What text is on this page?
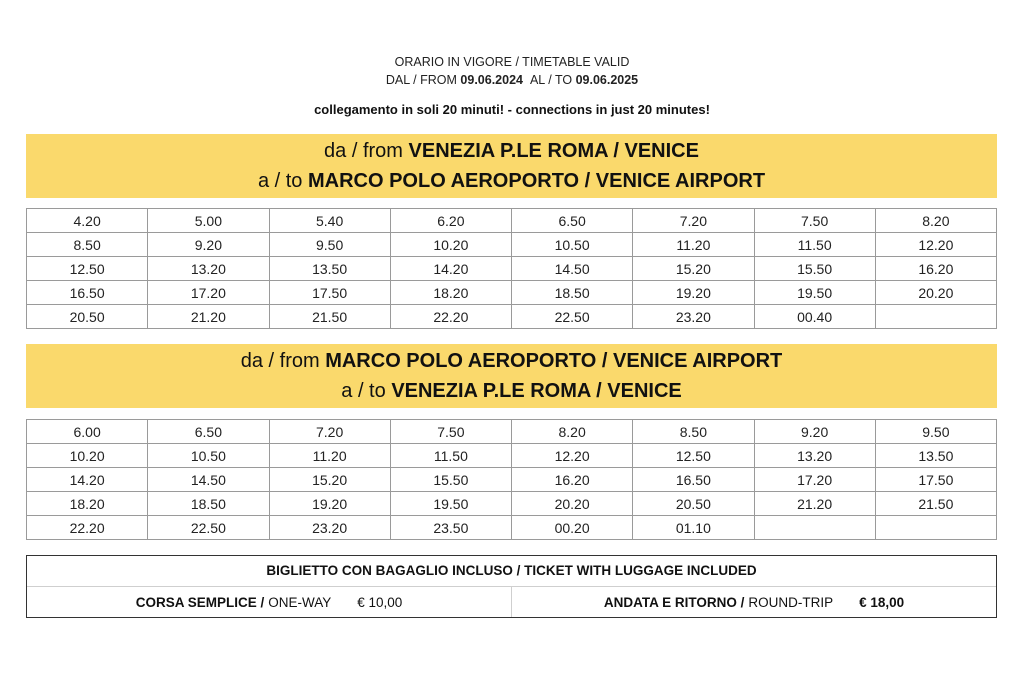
ORARIO IN VIGORE / TIMETABLE VALID
DAL / FROM 09.06.2024 AL / TO 09.06.2025
collegamento in soli 20 minuti! - connections in just 20 minutes!
da / from VENEZIA P.LE ROMA / VENICE
a / to MARCO POLO AEROPORTO / VENICE AIRPORT
4.20	5.00	5.40	6.20	6.50	7.20	7.50	8.20
8.50	9.20	9.50	10.20	10.50	11.20	11.50	12.20
12.50	13.20	13.50	14.20	14.50	15.20	15.50	16.20
16.50	17.20	17.50	18.20	18.50	19.20	19.50	20.20
20.50	21.20	21.50	22.20	22.50	23.20	00.40	
da / from MARCO POLO AEROPORTO / VENICE AIRPORT
a / to VENEZIA P.LE ROMA / VENICE
6.00	6.50	7.20	7.50	8.20	8.50	9.20	9.50
10.20	10.50	11.20	11.50	12.20	12.50	13.20	13.50
14.20	14.50	15.20	15.50	16.20	16.50	17.20	17.50
18.20	18.50	19.20	19.50	20.20	20.50	21.20	21.50
22.20	22.50	23.20	23.50	00.20	01.10		
BIGLIETTO CON BAGAGLIO INCLUSO / TICKET WITH LUGGAGE INCLUDED
CORSA SEMPLICE / ONE-WAY € 10,00	ANDATA E RITORNO / ROUND-TRIP € 18,00
